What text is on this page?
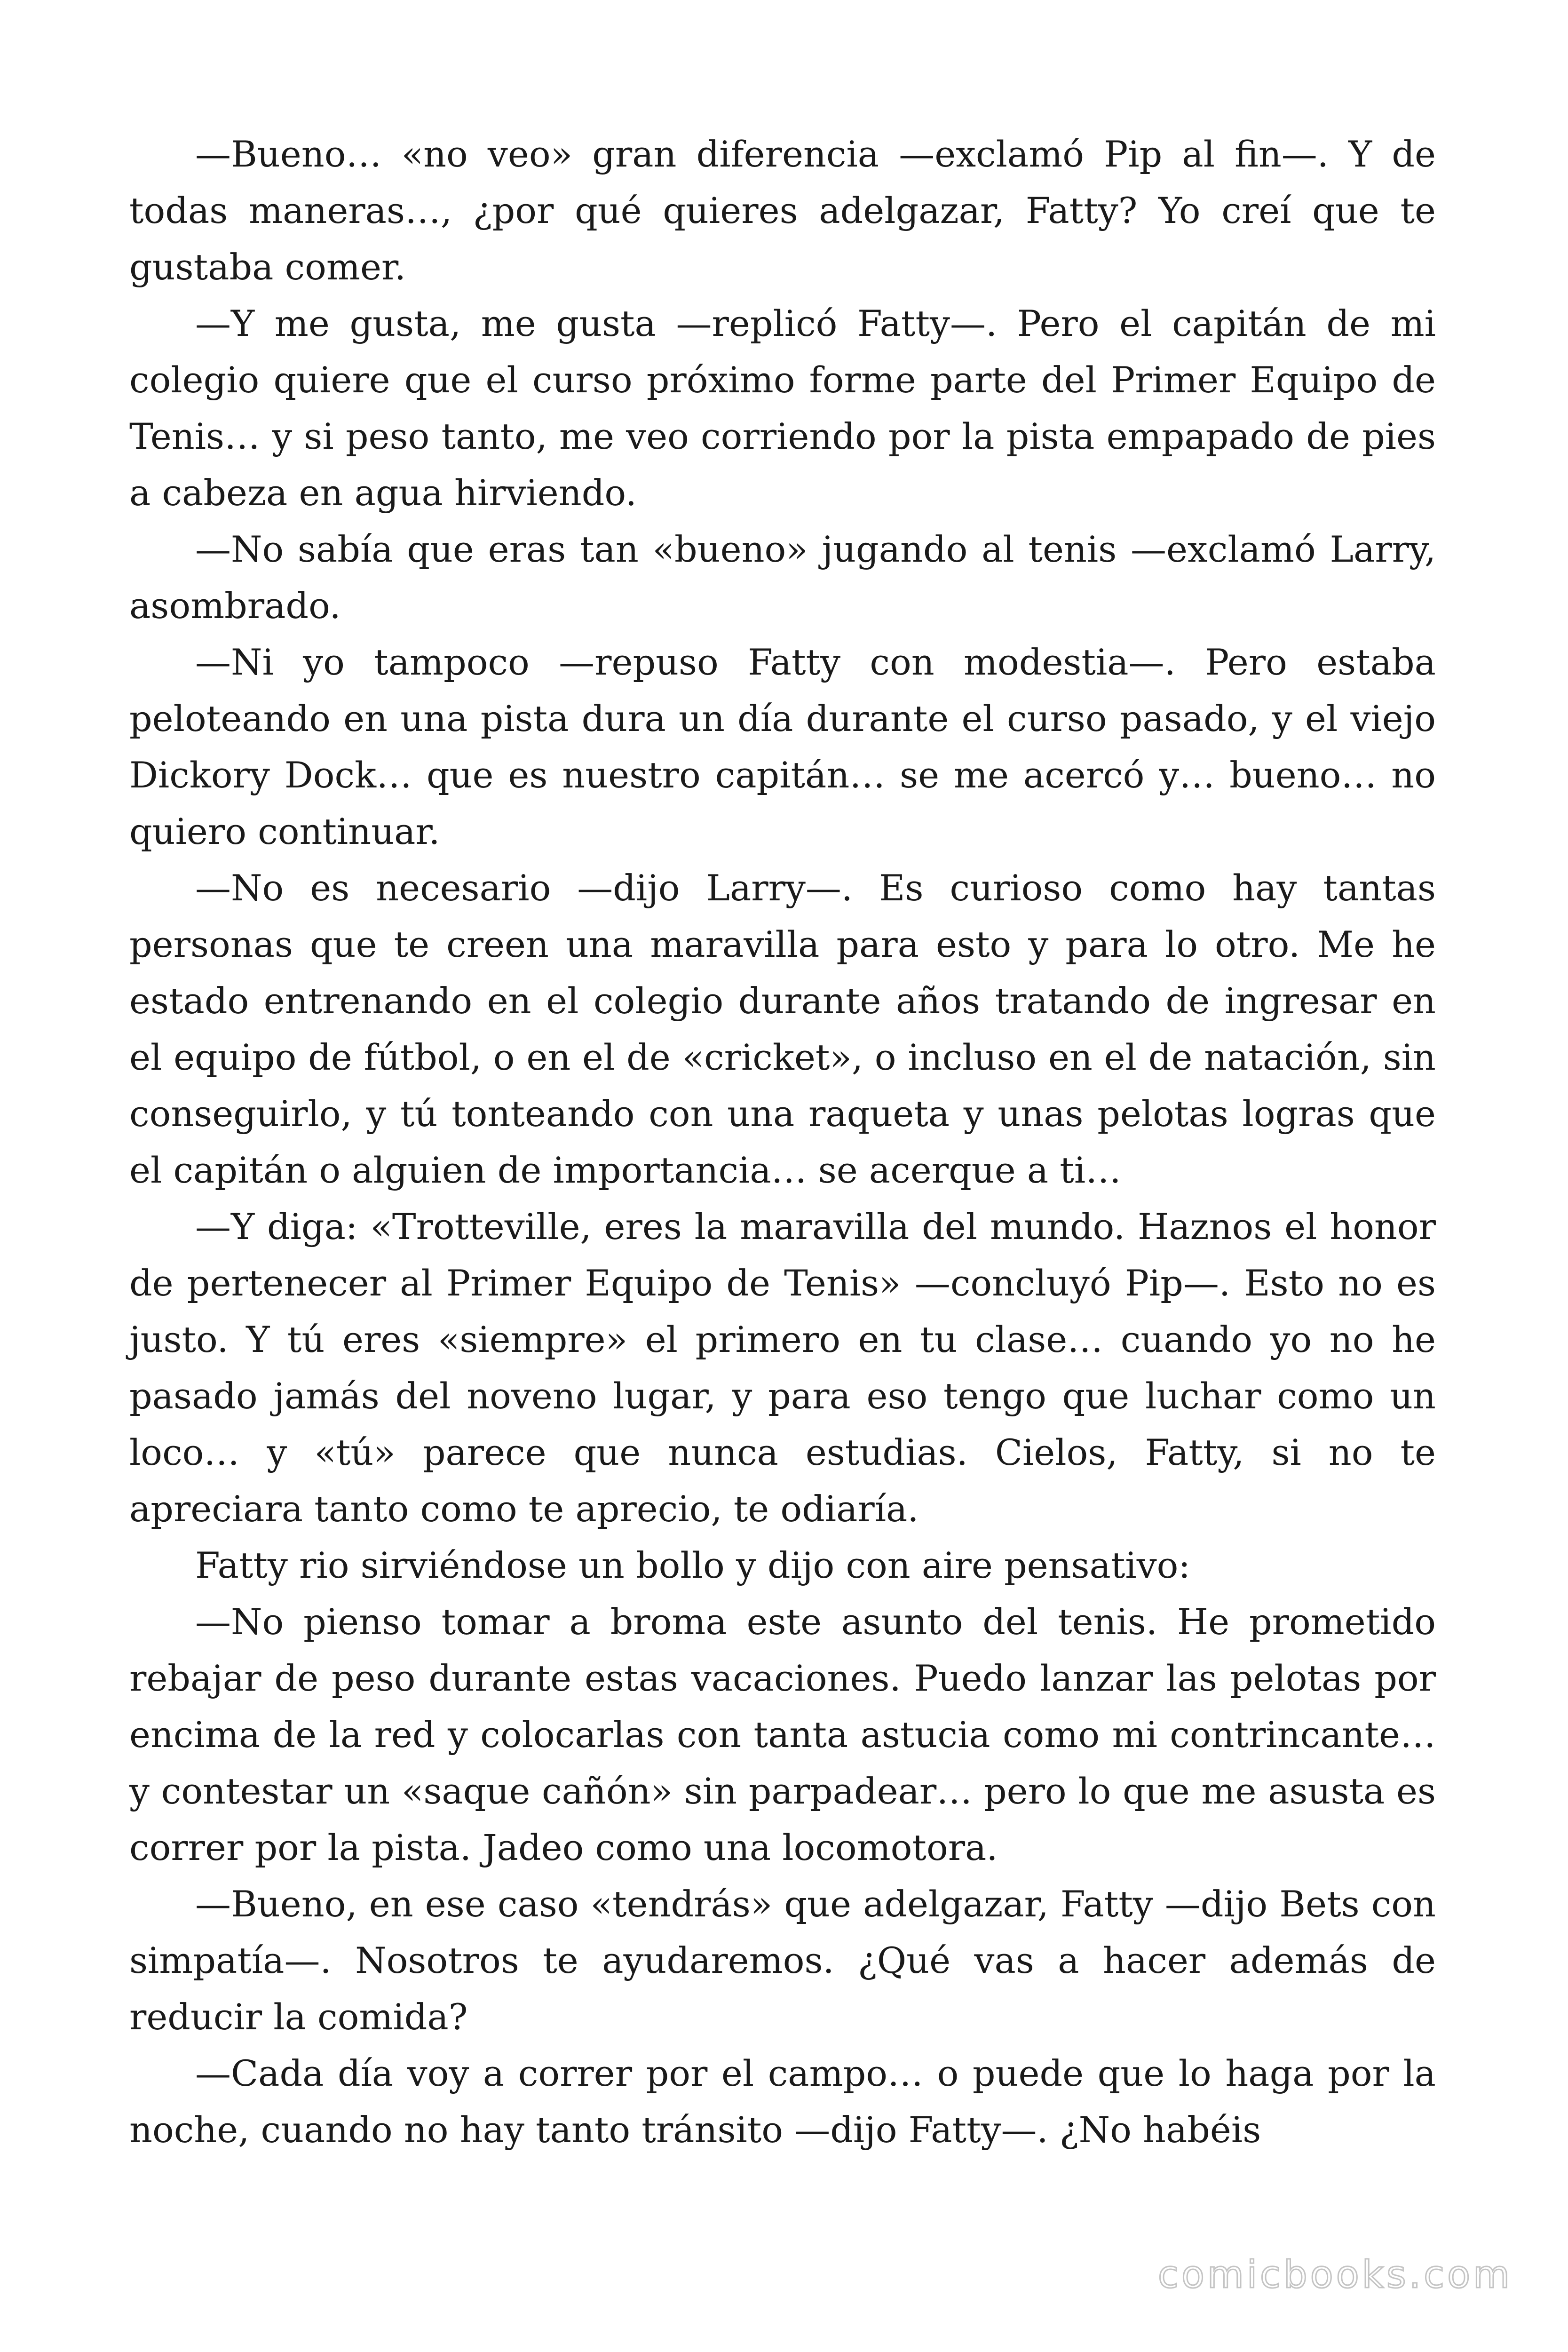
—Bueno… «no veo» gran diferencia —exclamó Pip al fin—. Y de todas maneras…, ¿por qué quieres adelgazar, Fatty? Yo creí que te gustaba comer.

—Y me gusta, me gusta —replicó Fatty—. Pero el capitán de mi colegio quiere que el curso próximo forme parte del Primer Equipo de Tenis… y si peso tanto, me veo corriendo por la pista empapado de pies a cabeza en agua hirviendo.

—No sabía que eras tan «bueno» jugando al tenis —exclamó Larry, asombrado.

—Ni yo tampoco —repuso Fatty con modestia—. Pero estaba peloteando en una pista dura un día durante el curso pasado, y el viejo Dickory Dock… que es nuestro capitán… se me acercó y… bueno… no quiero continuar.

—No es necesario —dijo Larry—. Es curioso como hay tantas personas que te creen una maravilla para esto y para lo otro. Me he estado entrenando en el colegio durante años tratando de ingresar en el equipo de fútbol, o en el de «cricket», o incluso en el de natación, sin conseguirlo, y tú tonteando con una raqueta y unas pelotas logras que el capitán o alguien de importancia… se acerque a ti…

—Y diga: «Trotteville, eres la maravilla del mundo. Haznos el honor de pertenecer al Primer Equipo de Tenis» —concluyó Pip—. Esto no es justo. Y tú eres «siempre» el primero en tu clase… cuando yo no he pasado jamás del noveno lugar, y para eso tengo que luchar como un loco… y «tú» parece que nunca estudias. Cielos, Fatty, si no te apreciara tanto como te aprecio, te odiaría.

Fatty rio sirviéndose un bollo y dijo con aire pensativo:

—No pienso tomar a broma este asunto del tenis. He prometido rebajar de peso durante estas vacaciones. Puedo lanzar las pelotas por encima de la red y colocarlas con tanta astucia como mi contrincante… y contestar un «saque cañón» sin parpadear… pero lo que me asusta es correr por la pista. Jadeo como una locomotora.

—Bueno, en ese caso «tendrás» que adelgazar, Fatty —dijo Bets con simpatía—. Nosotros te ayudaremos. ¿Qué vas a hacer además de reducir la comida?

—Cada día voy a correr por el campo… o puede que lo haga por la noche, cuando no hay tanto tránsito —dijo Fatty—. ¿No habéis

comicbooks.com
